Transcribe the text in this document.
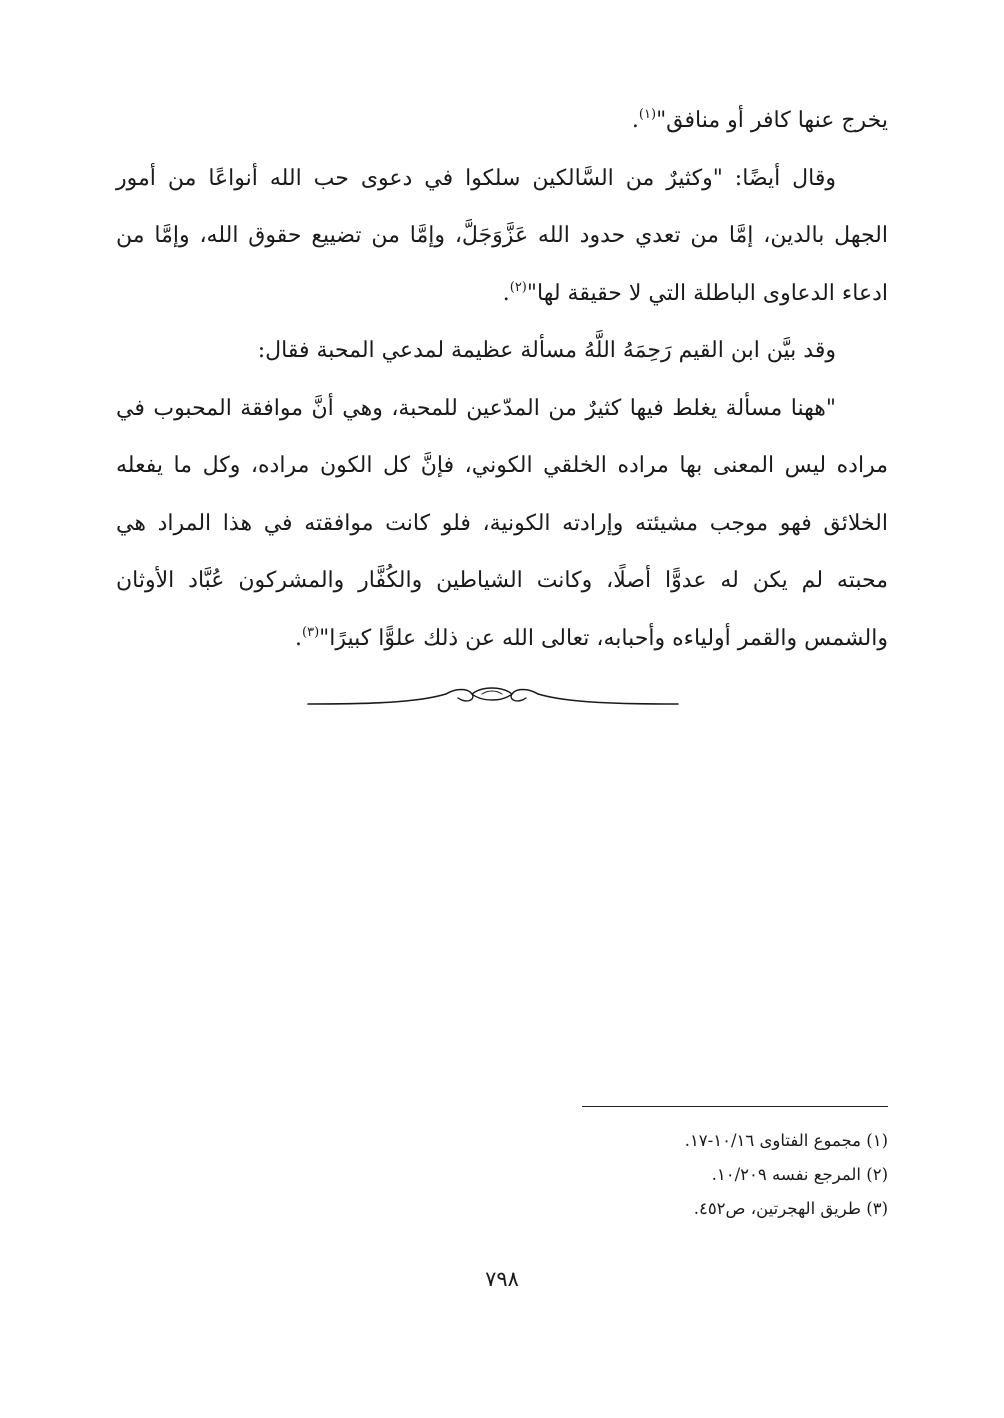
يخرج عنها كافر أو منافق"$^{(١)}$.

وقال أيضًا: "وكثيرٌ من السَّالكين سلكوا في دعوى حب الله أنواعًا من أمور الجهل بالدين، إمَّا من تعدي حدود الله عَزَّوَجَلَّ، وإمَّا من تضييع حقوق الله، وإمَّا من ادعاء الدعاوى الباطلة التي لا حقيقة لها"$^{(٢)}$.

وقد بيَّن ابن القيم رَحِمَهُ اللَّهُ مسألة عظيمة لمدعي المحبة فقال:

"ههنا مسألة يغلط فيها كثيرٌ من المدّعين للمحبة، وهي أنَّ موافقة المحبوب في مراده ليس المعنى بها مراده الخلقي الكوني، فإنَّ كل الكون مراده، وكل ما يفعله الخلائق فهو موجب مشيئته وإرادته الكونية، فلو كانت موافقته في هذا المراد هي محبته لم يكن له عدوًّا أصلًا، وكانت الشياطين والكُفَّار والمشركون عُبَّاد الأوثان والشمس والقمر أولياءه وأحبابه، تعالى الله عن ذلك علوًّا كبيرًا"$^{(٣)}$.

(١) مجموع الفتاوى ١٠/١٦-١٧.
(٢) المرجع نفسه ١٠/٢٠٩.
(٣) طريق الهجرتين، ص٤٥٢.
٧٩٨
